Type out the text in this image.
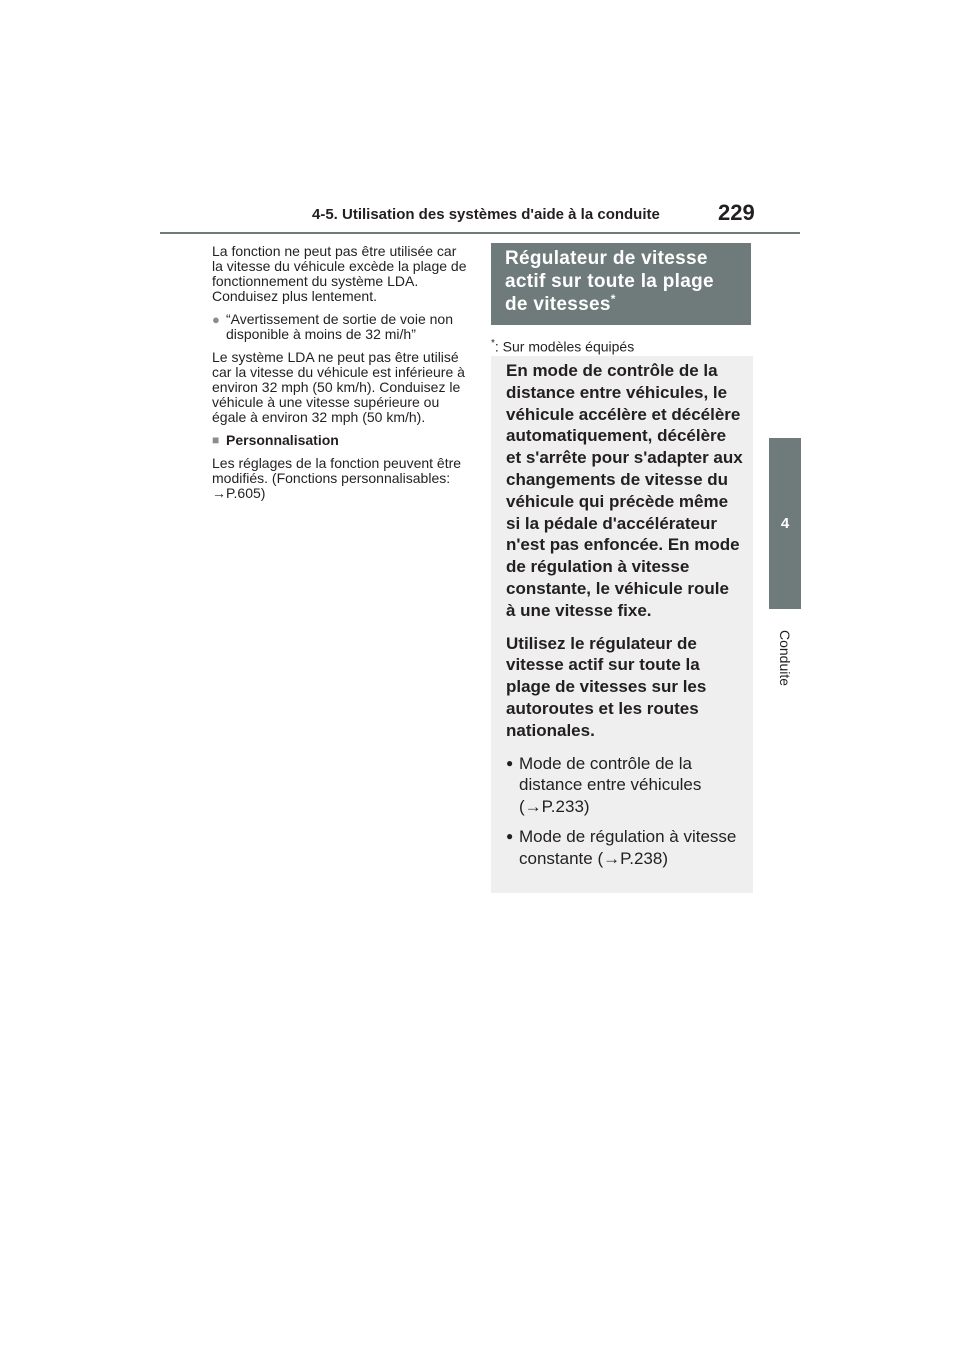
4-5. Utilisation des systèmes d'aide à la conduite	229
4
Conduite

La fonction ne peut pas être utilisée car la vitesse du véhicule excède la plage de fonctionnement du système LDA. Conduisez plus lentement.

● “Avertissement de sortie de voie non disponible à moins de 32 mi/h”

Le système LDA ne peut pas être utilisé car la vitesse du véhicule est inférieure à environ 32 mph (50 km/h). Conduisez le véhicule à une vitesse supérieure ou égale à environ 32 mph (50 km/h).

■ Personnalisation

Les réglages de la fonction peuvent être modifiés. (Fonctions personnalisables: →P.605)

Régulateur de vitesse actif sur toute la plage de vitesses*
*: Sur modèles équipés
En mode de contrôle de la distance entre véhicules, le véhicule accélère et décélère automatiquement, décélère et s'arrête pour s'adapter aux changements de vitesse du véhicule qui précède même si la pédale d'accélérateur n'est pas enfoncée. En mode de régulation à vitesse constante, le véhicule roule à une vitesse fixe.
Utilisez le régulateur de vitesse actif sur toute la plage de vitesses sur les autoroutes et les routes nationales.
● Mode de contrôle de la distance entre véhicules (→P.233)
● Mode de régulation à vitesse constante (→P.238)
